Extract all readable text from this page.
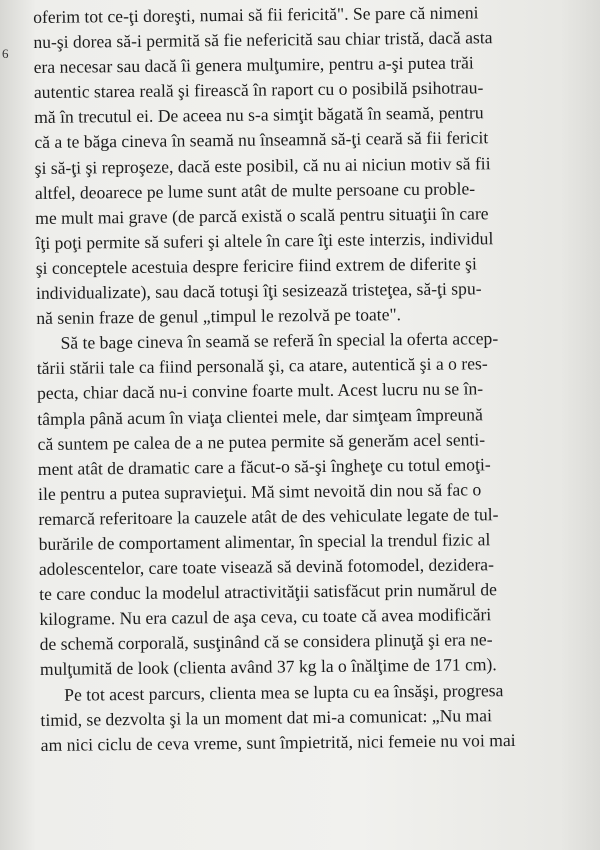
6
oferim tot ce-ţi doreşti, numai să fii fericită". Se pare că nimeni
nu-şi dorea să-i permită să fie nefericită sau chiar tristă, dacă asta
era necesar sau dacă îi genera mulţumire, pentru a-şi putea trăi
autentic starea reală şi firească în raport cu o posibilă psihotrau-
mă în trecutul ei. De aceea nu s-a simţit băgată în seamă, pentru
că a te băga cineva în seamă nu înseamnă să-ţi ceară să fii fericit
şi să-ţi şi reproşeze, dacă este posibil, că nu ai niciun motiv să fii
altfel, deoarece pe lume sunt atât de multe persoane cu proble-
me mult mai grave (de parcă există o scală pentru situaţii în care
îţi poţi permite să suferi şi altele în care îţi este interzis, individul
şi conceptele acestuia despre fericire fiind extrem de diferite şi
individualizate), sau dacă totuşi îţi sesizează tristeţea, să-ţi spu-
nă senin fraze de genul „timpul le rezolvă pe toate".
Să te bage cineva în seamă se referă în special la oferta accep-
tării stării tale ca fiind personală şi, ca atare, autentică şi a o res-
pecta, chiar dacă nu-i convine foarte mult. Acest lucru nu se în-
tâmpla până acum în viaţa clientei mele, dar simţeam împreună
că suntem pe calea de a ne putea permite să generăm acel senti-
ment atât de dramatic care a făcut-o să-şi îngheţe cu totul emoţi-
ile pentru a putea supravieţui. Mă simt nevoită din nou să fac o
remarcă referitoare la cauzele atât de des vehiculate legate de tul-
burările de comportament alimentar, în special la trendul fizic al
adolescentelor, care toate visează să devină fotomodel, dezidera-
te care conduc la modelul atractivităţii satisfăcut prin numărul de
kilograme. Nu era cazul de aşa ceva, cu toate că avea modificări
de schemă corporală, susţinând că se considera plinuţă şi era ne-
mulţumită de look (clienta având 37 kg la o înălţime de 171 cm).
Pe tot acest parcurs, clienta mea se lupta cu ea însăşi, progresa
timid, se dezvolta şi la un moment dat mi-a comunicat: „Nu mai
am nici ciclu de ceva vreme, sunt împietrită, nici femeie nu voi mai
